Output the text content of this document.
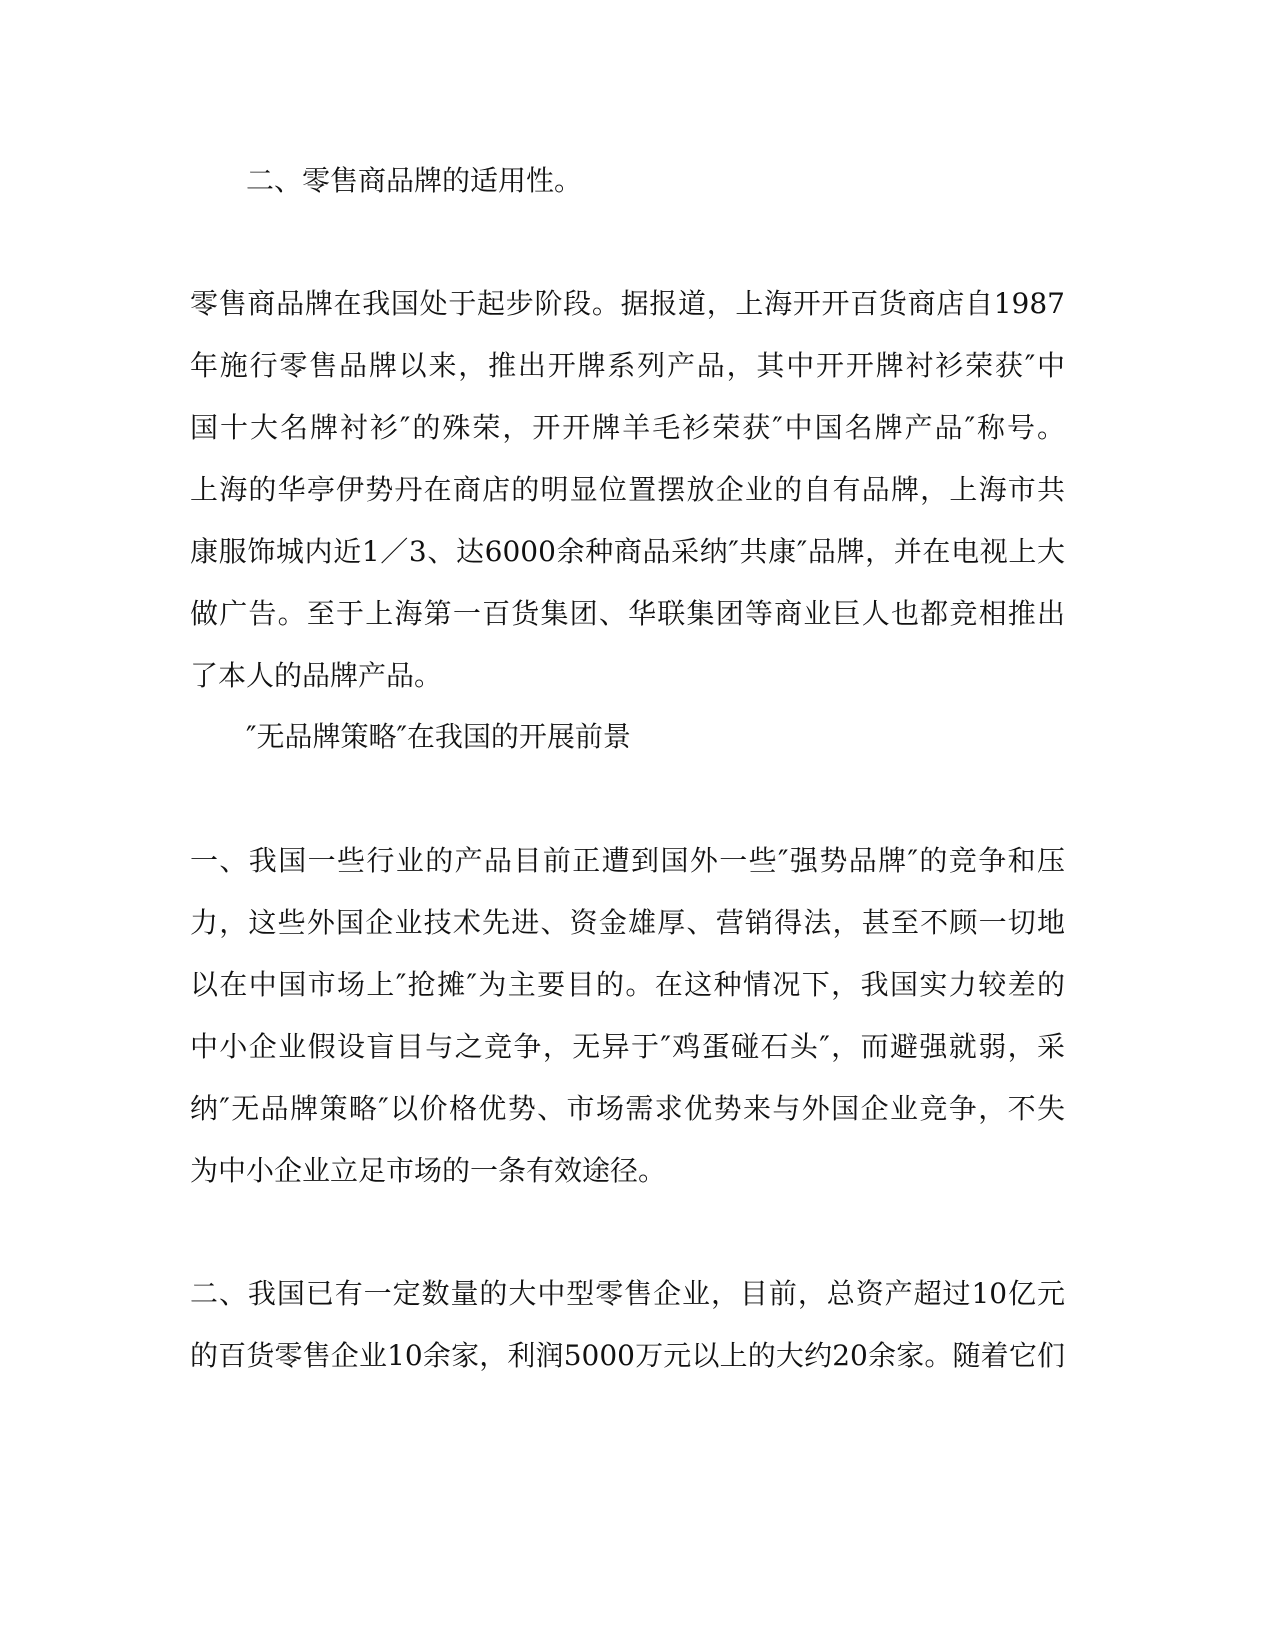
二、零售商品牌的适用性。
零售商品牌在我国处于起步阶段。据报道，上海开开百货商店自1987
年施行零售品牌以来，推出开牌系列产品，其中开开牌衬衫荣获″中
国十大名牌衬衫″的殊荣，开开牌羊毛衫荣获″中国名牌产品″称号。
上海的华亭伊势丹在商店的明显位置摆放企业的自有品牌，上海市共
康服饰城内近1／3、达6000余种商品采纳″共康″品牌，并在电视上大
做广告。至于上海第一百货集团、华联集团等商业巨人也都竞相推出
了本人的品牌产品。
″无品牌策略″在我国的开展前景
一、我国一些行业的产品目前正遭到国外一些″强势品牌″的竞争和压
力，这些外国企业技术先进、资金雄厚、营销得法，甚至不顾一切地
以在中国市场上″抢摊″为主要目的。在这种情况下，我国实力较差的
中小企业假设盲目与之竞争，无异于″鸡蛋碰石头″，而避强就弱，采
纳″无品牌策略″以价格优势、市场需求优势来与外国企业竞争，不失
为中小企业立足市场的一条有效途径。
二、我国已有一定数量的大中型零售企业，目前，总资产超过10亿元
的百货零售企业10余家，利润5000万元以上的大约20余家。随着它们
